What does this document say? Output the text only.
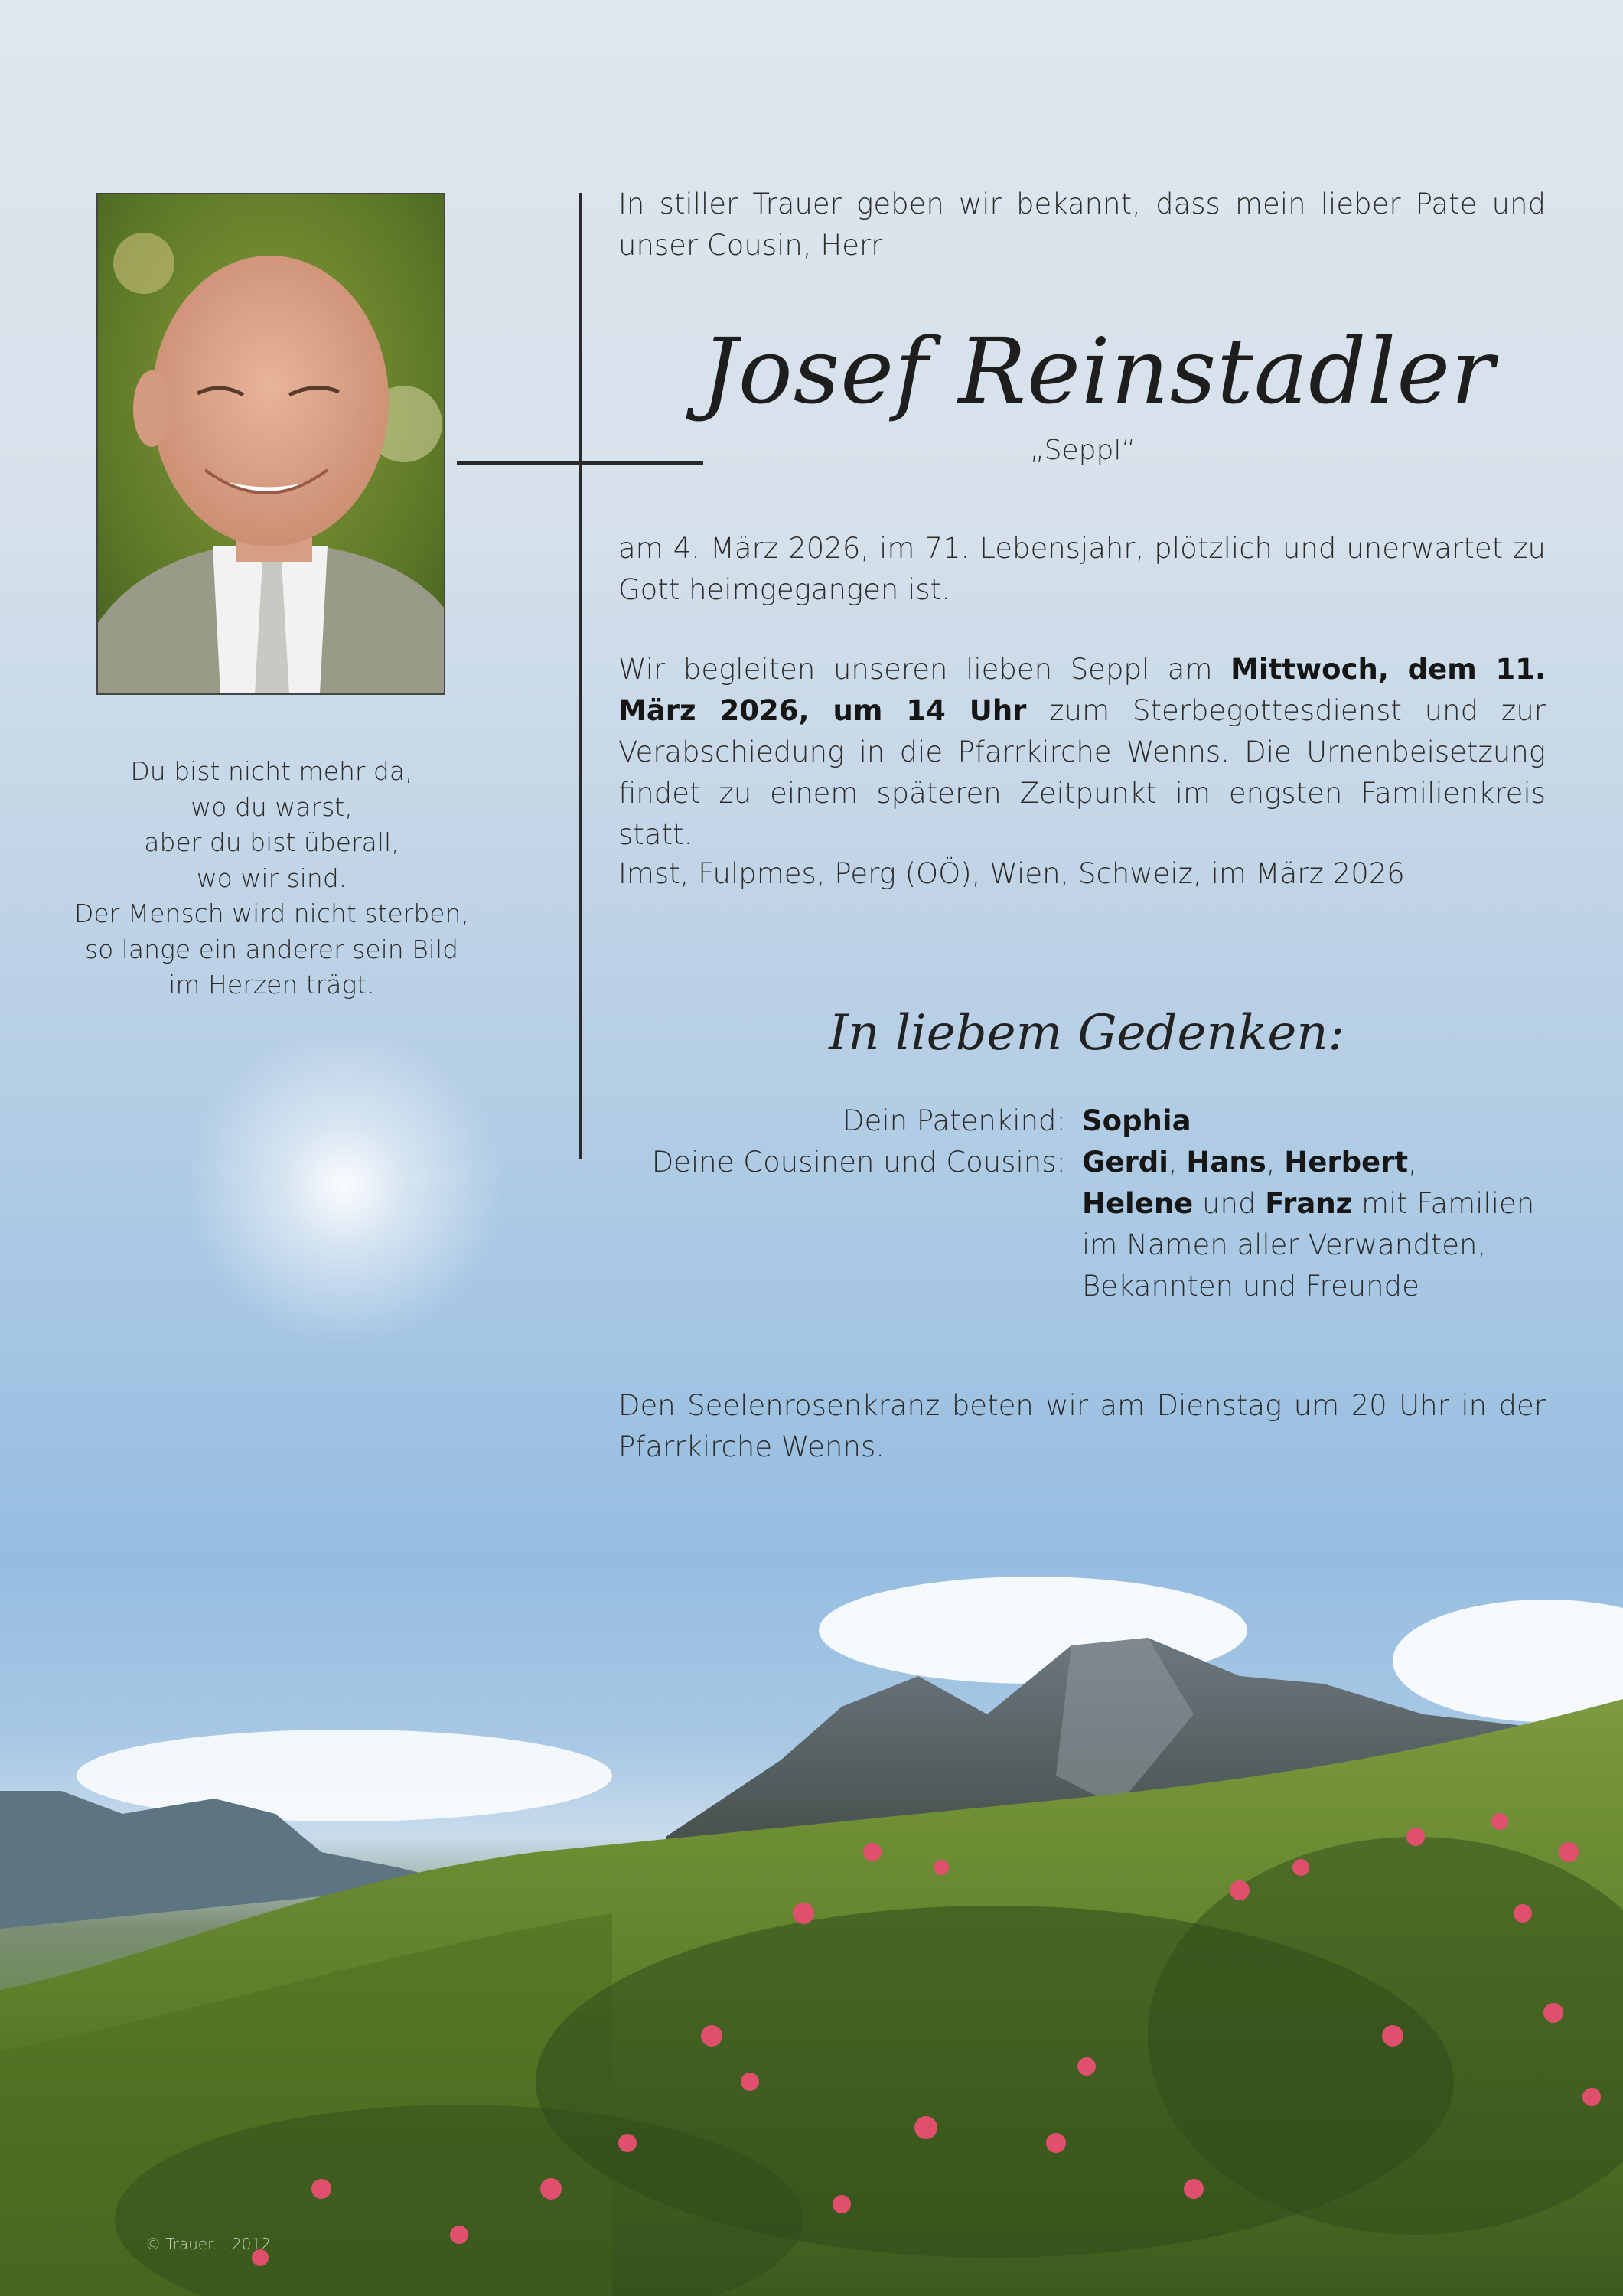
Du bist nicht mehr da,
wo du warst,
aber du bist überall,
wo wir sind.
Der Mensch wird nicht sterben,
so lange ein anderer sein Bild
im Herzen trägt.
In stiller Trauer geben wir bekannt, dass mein lieber Pate und unser Cousin, Herr
Josef Reinstadler
„Seppl“
am 4. März 2026, im 71. Lebensjahr, plötzlich und unerwartet zu Gott heimgegangen ist.
Wir begleiten unseren lieben Seppl am Mittwoch, dem 11. März 2026, um 14 Uhr zum Sterbegottesdienst und zur Verabschiedung in die Pfarrkirche Wenns. Die Urnenbeisetzung findet zu einem späteren Zeitpunkt im engsten Familienkreis statt.
Imst, Fulpmes, Perg (OÖ), Wien, Schweiz, im März 2026
In liebem Gedenken:
Dein Patenkind: Sophia
Deine Cousinen und Cousins: Gerdi, Hans, Herbert,
Helene und Franz mit Familien
im Namen aller Verwandten,
Bekannten und Freunde
Den Seelenrosenkranz beten wir am Dienstag um 20 Uhr in der Pfarrkirche Wenns.
© Trauer... 2012
